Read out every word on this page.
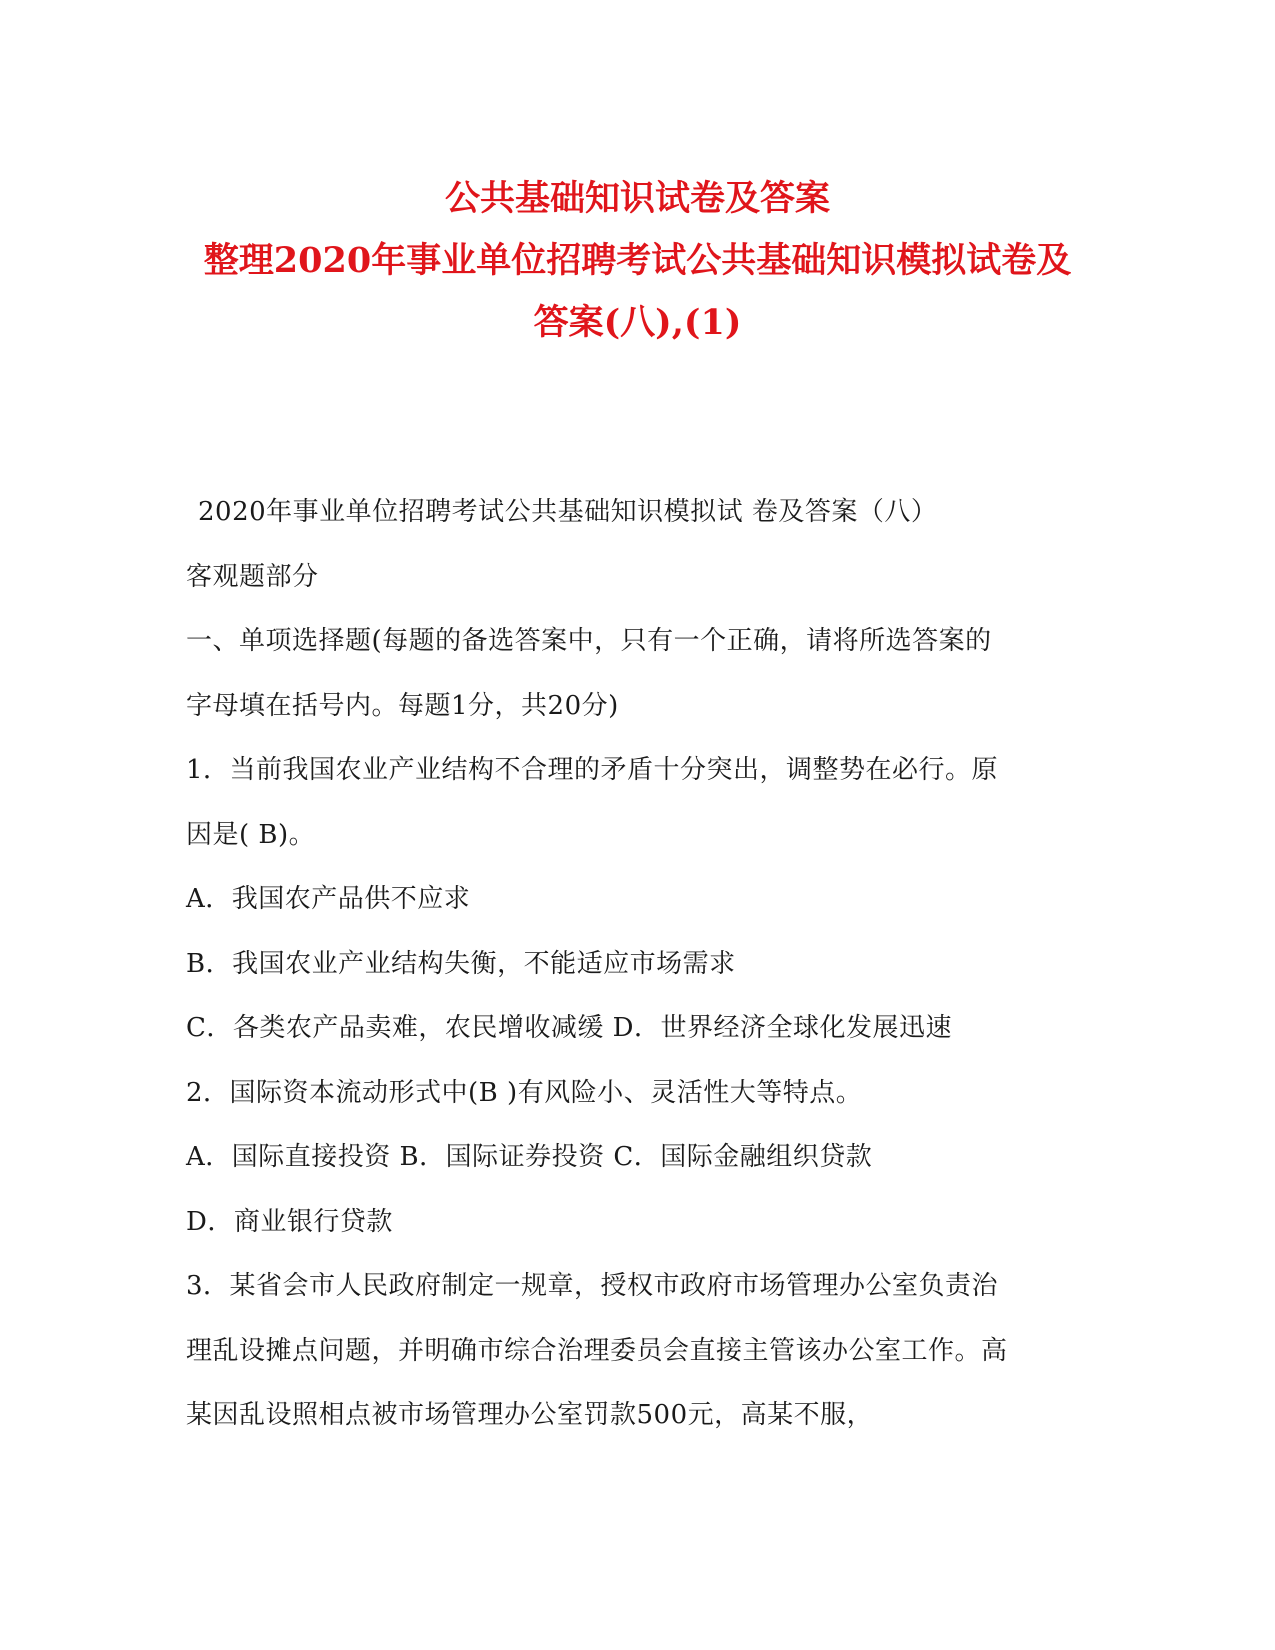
公共基础知识试卷及答案
整理2020年事业单位招聘考试公共基础知识模拟试卷及
答案(八),(1)
2020年事业单位招聘考试公共基础知识模拟试 卷及答案（八）
客观题部分
一、单项选择题(每题的备选答案中，只有一个正确，请将所选答案的
字母填在括号内。每题1分，共20分)
1．当前我国农业产业结构不合理的矛盾十分突出，调整势在必行。原
因是( B)。
A．我国农产品供不应求
B．我国农业产业结构失衡，不能适应市场需求
C．各类农产品卖难，农民增收减缓 D．世界经济全球化发展迅速
2．国际资本流动形式中(B )有风险小、灵活性大等特点。
A．国际直接投资 B．国际证券投资 C．国际金融组织贷款
D．商业银行贷款
3．某省会市人民政府制定一规章，授权市政府市场管理办公室负责治
理乱设摊点问题，并明确市综合治理委员会直接主管该办公室工作。高
某因乱设照相点被市场管理办公室罚款500元，高某不服，
